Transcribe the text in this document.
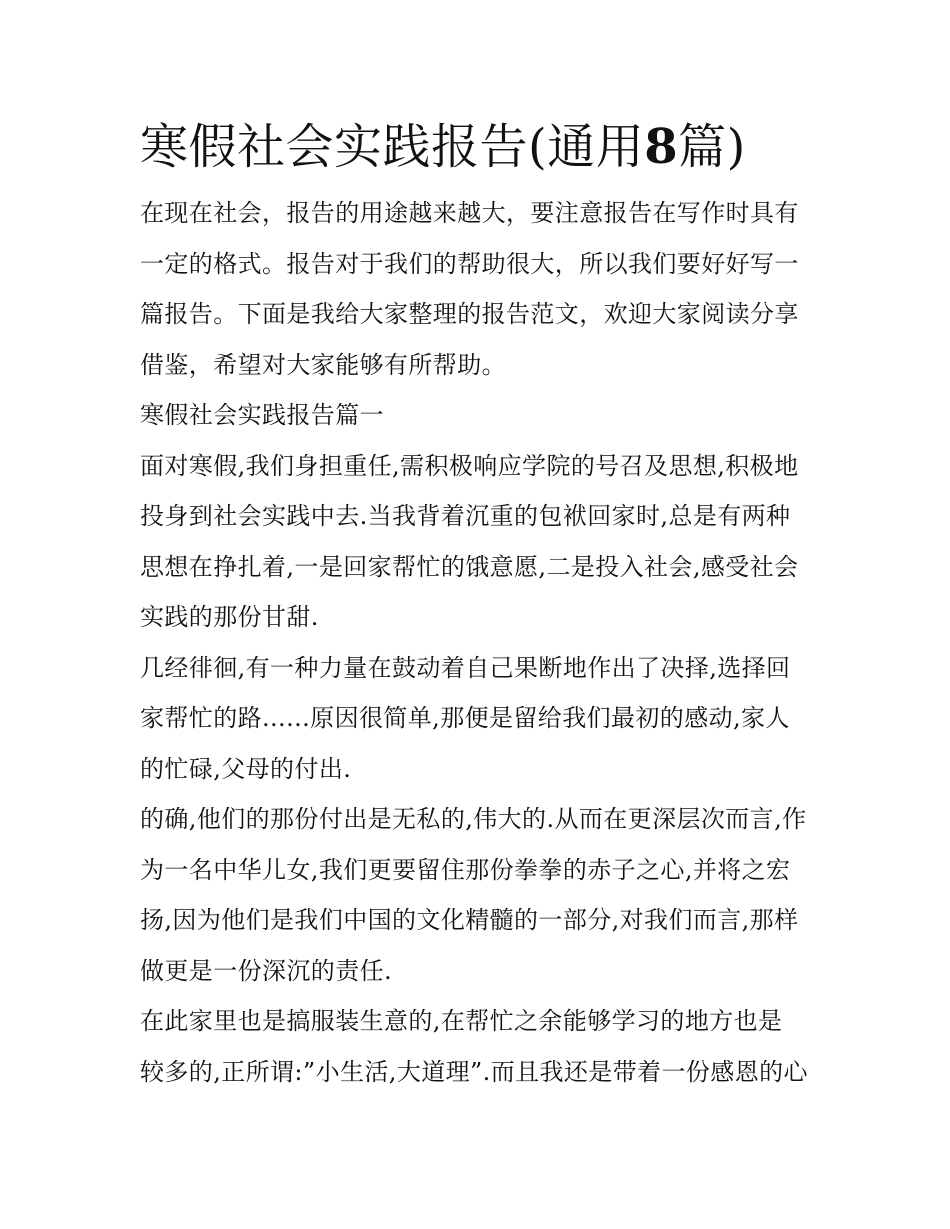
寒假社会实践报告(通用8篇)
在现在社会，报告的用途越来越大，要注意报告在写作时具有
一定的格式。报告对于我们的帮助很大，所以我们要好好写一
篇报告。下面是我给大家整理的报告范文，欢迎大家阅读分享
借鉴，希望对大家能够有所帮助。
寒假社会实践报告篇一
面对寒假,我们身担重任,需积极响应学院的号召及思想,积极地
投身到社会实践中去.当我背着沉重的包袱回家时,总是有两种
思想在挣扎着,一是回家帮忙的饿意愿,二是投入社会,感受社会
实践的那份甘甜.
几经徘徊,有一种力量在鼓动着自己果断地作出了决择,选择回
家帮忙的路......原因很简单,那便是留给我们最初的感动,家人
的忙碌,父母的付出.
的确,他们的那份付出是无私的,伟大的.从而在更深层次而言,作
为一名中华儿女,我们更要留住那份拳拳的赤子之心,并将之宏
扬,因为他们是我们中国的文化精髓的一部分,对我们而言,那样
做更是一份深沉的责任.
在此家里也是搞服装生意的,在帮忙之余能够学习的地方也是
较多的,正所谓:”小生活,大道理”.而且我还是带着一份感恩的心
